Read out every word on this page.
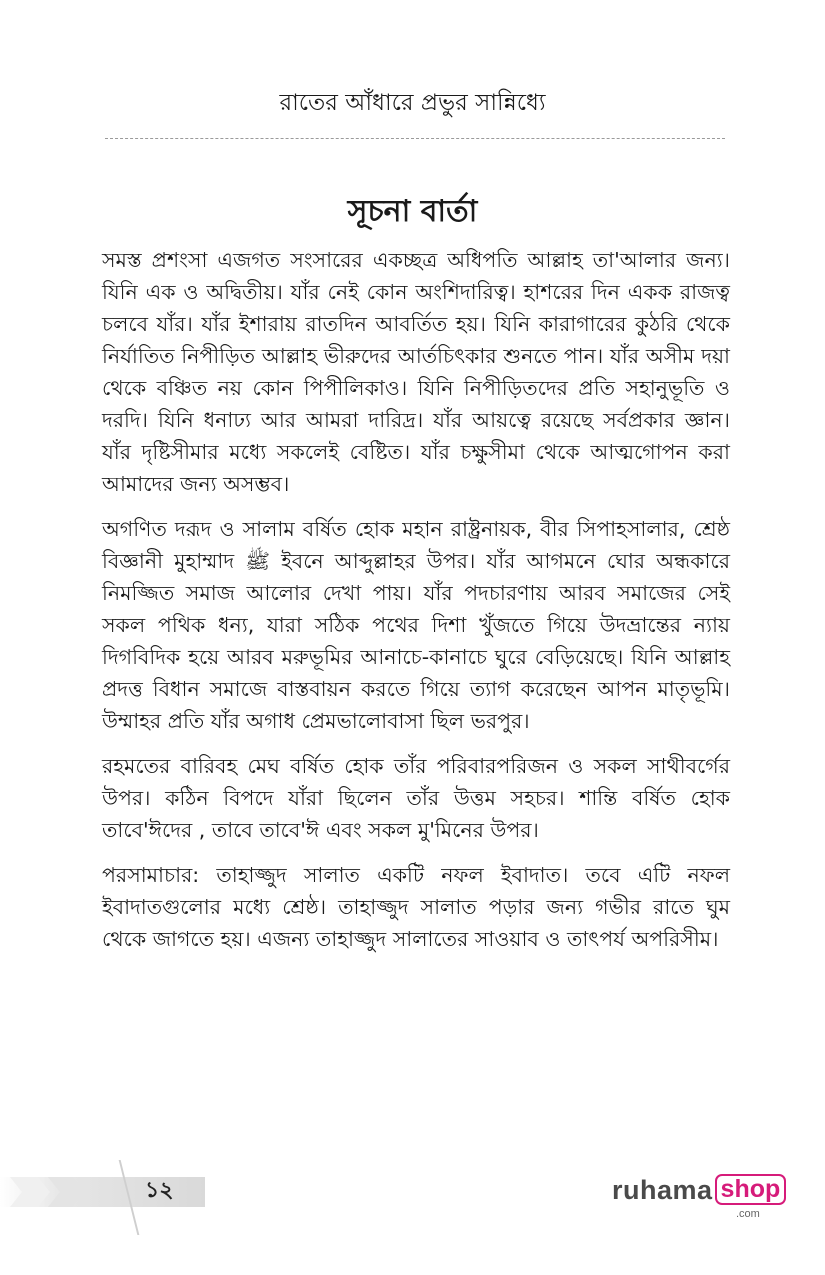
রাতের আঁধারে প্রভুর সান্নিধ্যে
সূচনা বার্তা

সমস্ত প্রশংসা এজগত সংসারের একচ্ছত্র অধিপতি আল্লাহ তা'আলার জন্য। যিনি এক ও অদ্বিতীয়। যাঁর নেই কোন অংশিদারিত্ব। হাশরের দিন একক রাজত্ব চলবে যাঁর। যাঁর ইশারায় রাতদিন আবর্তিত হয়। যিনি কারাগারের কুঠরি থেকে নির্যাতিত নিপীড়িত আল্লাহ ভীরুদের আর্তচিৎকার শুনতে পান। যাঁর অসীম দয়া থেকে বঞ্চিত নয় কোন পিপীলিকাও। যিনি নিপীড়িতদের প্রতি সহানুভূতি ও দরদি। যিনি ধনাঢ্য আর আমরা দারিদ্র। যাঁর আয়ত্বে রয়েছে সর্বপ্রকার জ্ঞান। যাঁর দৃষ্টিসীমার মধ্যে সকলেই বেষ্টিত। যাঁর চক্ষুসীমা থেকে আত্মগোপন করা আমাদের জন্য অসম্ভব।

অগণিত দরূদ ও সালাম বর্ষিত হোক মহান রাষ্ট্রনায়ক, বীর সিপাহসালার, শ্রেষ্ঠ বিজ্ঞানী মুহাম্মাদ ﷺ ইবনে আব্দুল্লাহর উপর। যাঁর আগমনে ঘোর অন্ধকারে নিমজ্জিত সমাজ আলোর দেখা পায়। যাঁর পদচারণায় আরব সমাজের সেই সকল পথিক ধন্য, যারা সঠিক পথের দিশা খুঁজতে গিয়ে উদভ্রান্তের ন্যায় দিগবিদিক হয়ে আরব মরুভূমির আনাচে-কানাচে ঘুরে বেড়িয়েছে। যিনি আল্লাহ প্রদত্ত বিধান সমাজে বাস্তবায়ন করতে গিয়ে ত্যাগ করেছেন আপন মাতৃভূমি। উম্মাহর প্রতি যাঁর অগাধ প্রেমভালোবাসা ছিল ভরপুর।

রহমতের বারিবহ মেঘ বর্ষিত হোক তাঁর পরিবারপরিজন ও সকল সাথীবর্গের উপর। কঠিন বিপদে যাঁরা ছিলেন তাঁর উত্তম সহচর। শান্তি বর্ষিত হোক তাবে'ঈদের , তাবে তাবে'ঈ এবং সকল মু'মিনের উপর।

পরসামাচার: তাহাজ্জুদ সালাত একটি নফল ইবাদাত। তবে এটি নফল ইবাদাতগুলোর মধ্যে শ্রেষ্ঠ। তাহাজ্জুদ সালাত পড়ার জন্য গভীর রাতে ঘুম থেকে জাগতে হয়। এজন্য তাহাজ্জুদ সালাতের সাওয়াব ও তাৎপর্য অপরিসীম।

১২	ruhama shop
.com
